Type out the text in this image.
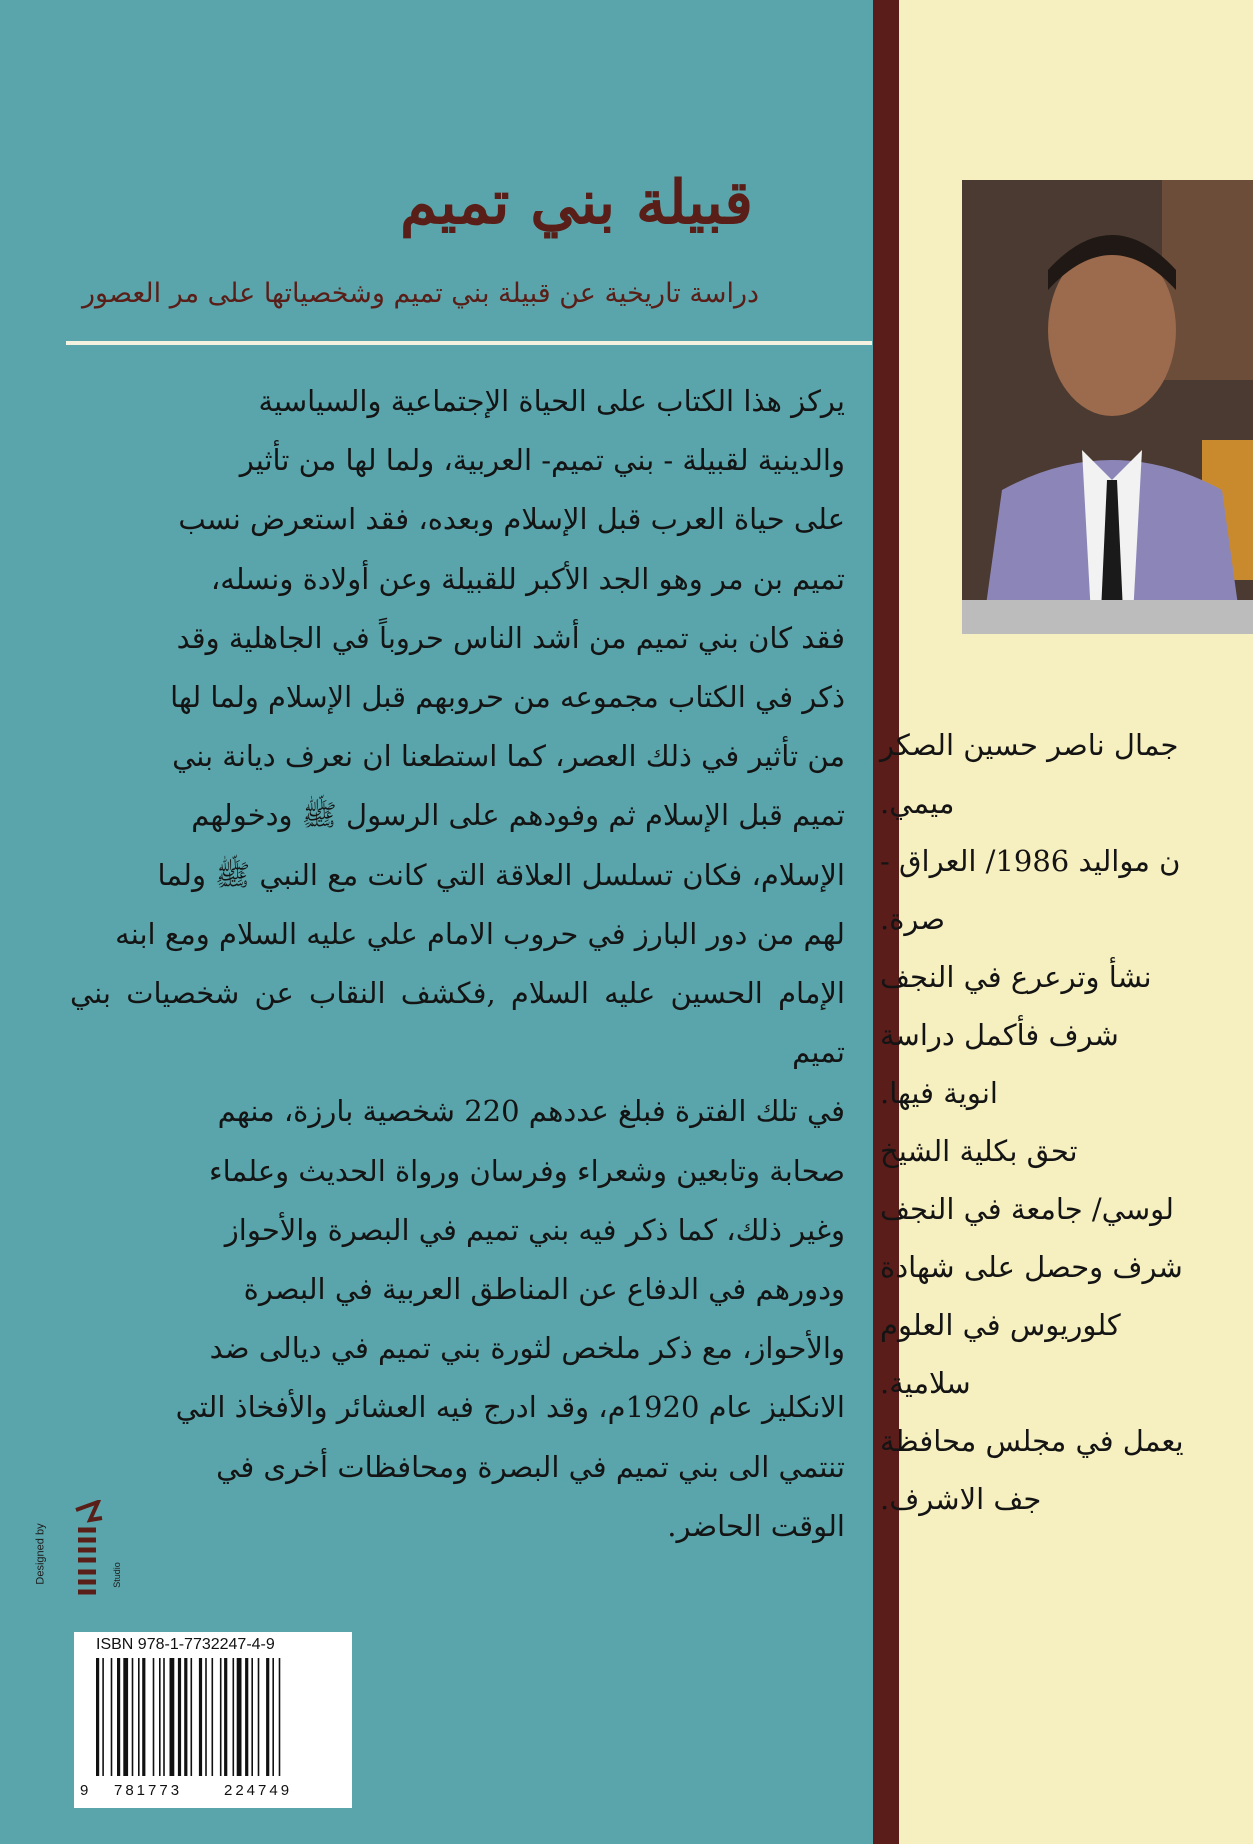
قبيلة بني تميم

دراسة تاريخية عن قبيلة بني تميم وشخصياتها على مر العصور

يركز هذا الكتاب على الحياة الإجتماعية والسياسية
والدينية لقبيلة - بني تميم- العربية، ولما لها من تأثير
على حياة العرب قبل الإسلام وبعده، فقد استعرض نسب
تميم بن مر وهو الجد الأكبر للقبيلة وعن أولادة ونسله،
فقد كان بني تميم من أشد الناس حروباً في الجاهلية وقد
ذكر في الكتاب مجموعه من حروبهم قبل الإسلام ولما لها
من تأثير في ذلك العصر، كما استطعنا ان نعرف ديانة بني
تميم قبل الإسلام ثم وفودهم على الرسول ﷺ ودخولهم
الإسلام، فكان تسلسل العلاقة التي كانت مع النبي ﷺ ولما
لهم من دور البارز في حروب الامام علي عليه السلام ومع ابنه
الإمام الحسين عليه السلام ,فكشف النقاب عن شخصيات بني تميم
في تلك الفترة فبلغ عددهم 220 شخصية بارزة، منهم
صحابة وتابعين وشعراء وفرسان ورواة الحديث وعلماء
وغير ذلك، كما ذكر فيه بني تميم في البصرة والأحواز
ودورهم في الدفاع عن المناطق العربية في البصرة
والأحواز، مع ذكر ملخص لثورة بني تميم في ديالى ضد
الانكليز عام 1920م، وقد ادرج فيه العشائر والأفخاذ التي
تنتمي الى بني تميم في البصرة ومحافظات أخرى في
الوقت الحاضر.

Designed by	Studio
ISBN 978-1-7732247-4-9
9 781773	224749
جمال ناصر حسين الصكر
ميمي.
ن مواليد 1986/ العراق -
صرة.
نشأ وترعرع في النجف
شرف فأكمل دراسة
انوية فيها.
تحق بكلية الشيخ
لوسي/ جامعة في النجف
شرف وحصل على شهادة
كلوريوس في العلوم
سلامية.
يعمل في مجلس محافظة
جف الاشرف.
